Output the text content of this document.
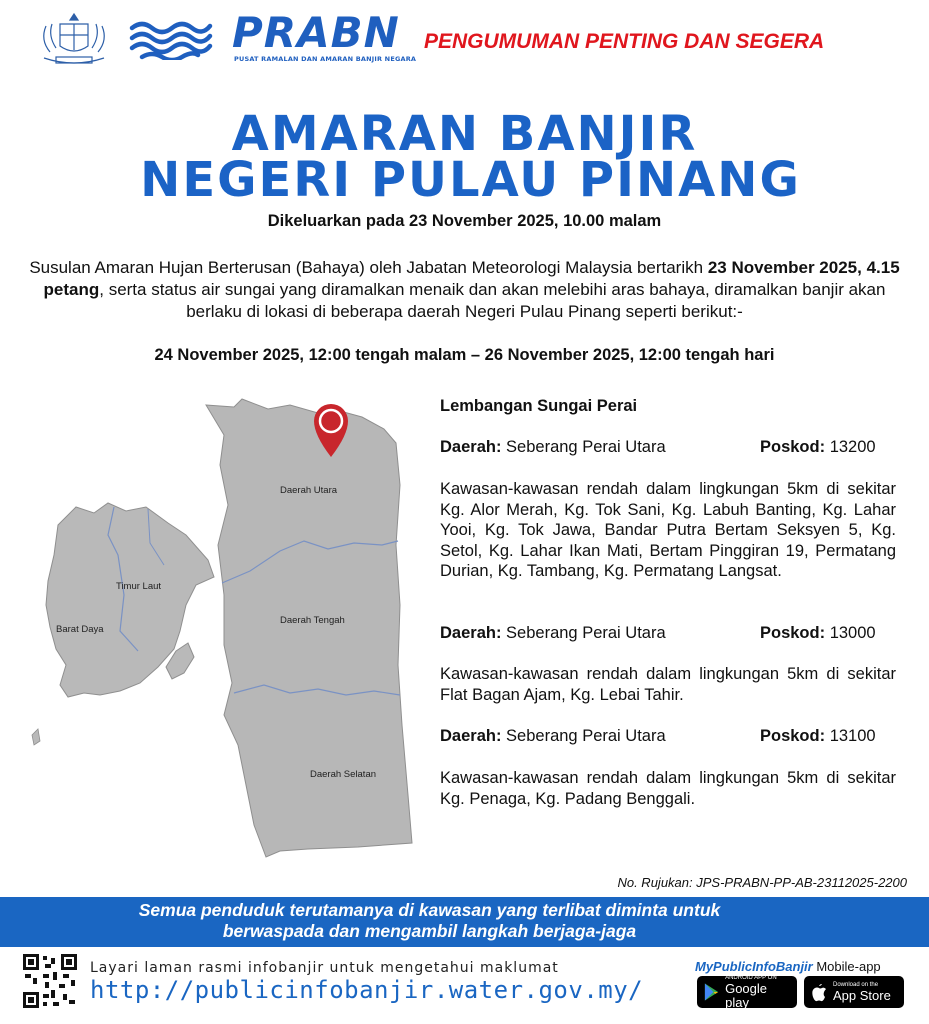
PRABN
PUSAT RAMALAN DAN AMARAN BANJIR NEGARA
PENGUMUMAN PENTING DAN SEGERA
AMARAN BANJIR
NEGERI PULAU PINANG
Dikeluarkan pada 23 November 2025, 10.00 malam
Susulan Amaran Hujan Berterusan (Bahaya) oleh Jabatan Meteorologi Malaysia bertarikh 23 November 2025, 4.15 petang, serta status air sungai yang diramalkan menaik dan akan melebihi aras bahaya, diramalkan banjir akan berlaku di lokasi di beberapa daerah Negeri Pulau Pinang seperti berikut:-
24 November 2025, 12:00 tengah malam – 26 November 2025, 12:00 tengah hari
Daerah Utara
Daerah Tengah
Daerah Selatan
Timur Laut
Barat Daya
Lembangan Sungai Perai
Daerah: Seberang Perai Utara	Poskod: 13200
Kawasan-kawasan rendah dalam lingkungan 5km di sekitar Kg. Alor Merah, Kg. Tok Sani, Kg. Labuh Banting, Kg. Lahar Yooi, Kg. Tok Jawa, Bandar Putra Bertam Seksyen 5, Kg. Setol, Kg. Lahar Ikan Mati, Bertam Pinggiran 19, Permatang Durian, Kg. Tambang, Kg. Permatang Langsat.
Daerah: Seberang Perai Utara	Poskod: 13000
Kawasan-kawasan rendah dalam lingkungan 5km di sekitar Flat Bagan Ajam, Kg. Lebai Tahir.
Daerah: Seberang Perai Utara	Poskod: 13100
Kawasan-kawasan rendah dalam lingkungan 5km di sekitar Kg. Penaga, Kg. Padang Benggali.
No. Rujukan: JPS-PRABN-PP-AB-23112025-2200
Semua penduduk terutamanya di kawasan yang terlibat diminta untuk
berwaspada dan mengambil langkah berjaga-jaga
Layari laman rasmi infobanjir untuk mengetahui maklumat
http://publicinfobanjir.water.gov.my/
MyPublicInfoBanjir Mobile-app
ANDROID APP ON
Google play
Download on the
App Store
